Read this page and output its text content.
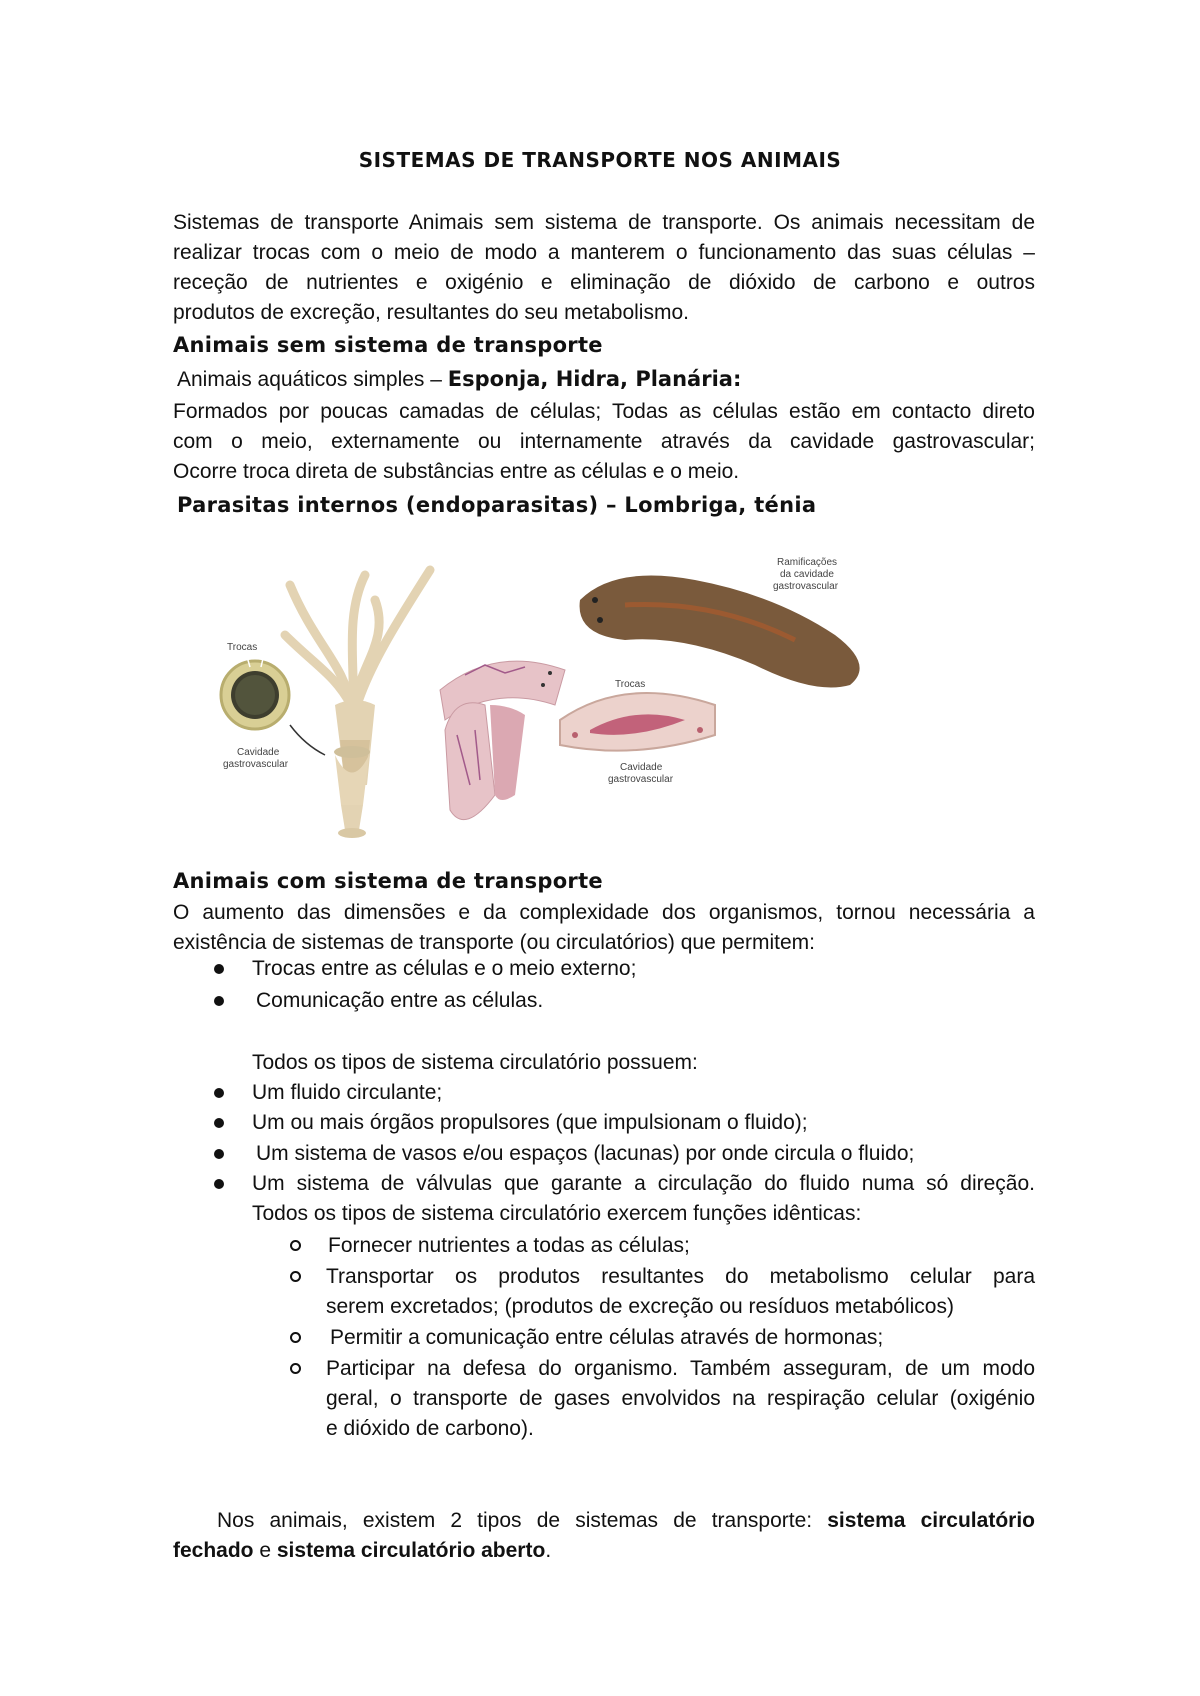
SISTEMAS DE TRANSPORTE NOS ANIMAIS
Sistemas de transporte Animais sem sistema de transporte. Os animais necessitam de
realizar trocas com o meio de modo a manterem o funcionamento das suas células –
receção de nutrientes e oxigénio e eliminação de dióxido de carbono e outros
produtos de excreção, resultantes do seu metabolismo.
Animais sem sistema de transporte
Animais aquáticos simples – Esponja, Hidra, Planária:
Formados por poucas camadas de células; Todas as células estão em contacto direto
com o meio, externamente ou internamente através da cavidade gastrovascular;
Ocorre troca direta de substâncias entre as células e o meio.
Parasitas internos (endoparasitas) – Lombriga, ténia
Trocas
Cavidade
gastrovascular
Trocas
Cavidade
gastrovascular
Ramificações
da cavidade
gastrovascular
Animais com sistema de transporte
O aumento das dimensões e da complexidade dos organismos, tornou necessária a
existência de sistemas de transporte (ou circulatórios) que permitem:
Trocas entre as células e o meio externo;
Comunicação entre as células.
Todos os tipos de sistema circulatório possuem:
Um fluido circulante;
Um ou mais órgãos propulsores (que impulsionam o fluido);
Um sistema de vasos e/ou espaços (lacunas) por onde circula o fluido;
Um sistema de válvulas que garante a circulação do fluido numa só direção.
Todos os tipos de sistema circulatório exercem funções idênticas:
Fornecer nutrientes a todas as células;
Transportar os produtos resultantes do metabolismo celular para
serem excretados; (produtos de excreção ou resíduos metabólicos)
Permitir a comunicação entre células através de hormonas;
Participar na defesa do organismo. Também asseguram, de um modo
geral, o transporte de gases envolvidos na respiração celular (oxigénio
e dióxido de carbono).
Nos animais, existem 2 tipos de sistemas de transporte: sistema circulatório
fechado e sistema circulatório aberto.
